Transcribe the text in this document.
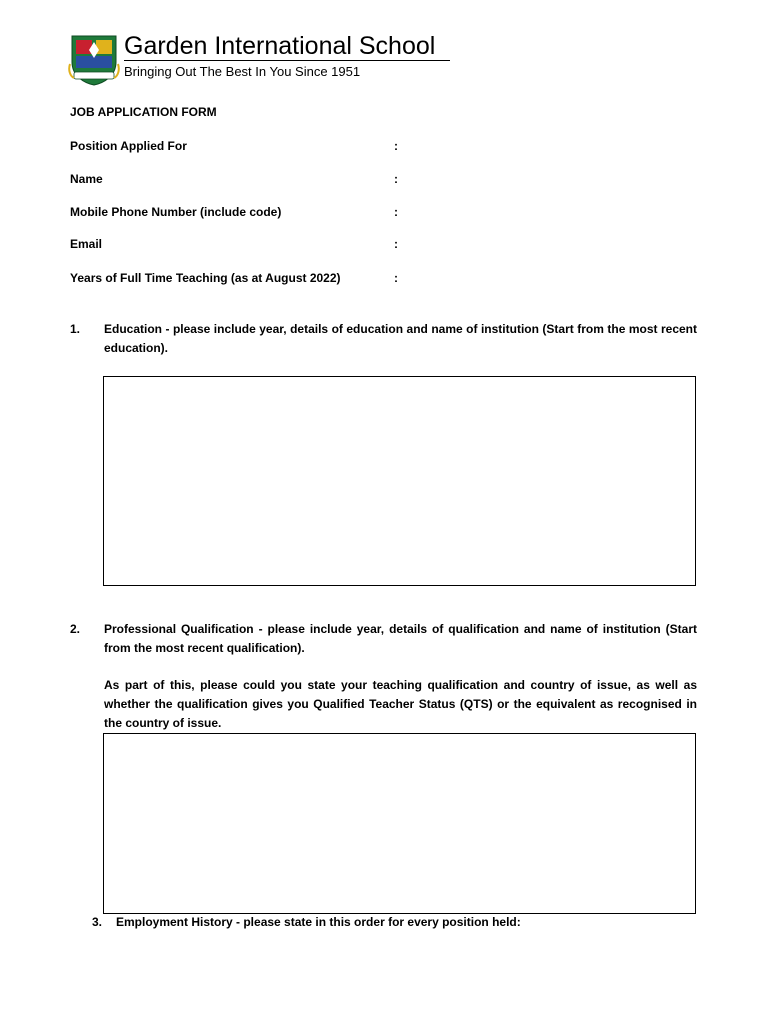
Garden International School
Bringing Out The Best In You Since 1951
JOB APPLICATION FORM
Position Applied For	:
Name	:
Mobile Phone Number (include code)	:
Email	:
Years of Full Time Teaching (as at August 2022)	:
1. Education - please include year, details of education and name of institution (Start from the most recent education).
2. Professional Qualification - please include year, details of qualification and name of institution (Start from the most recent qualification).
As part of this, please could you state your teaching qualification and country of issue, as well as whether the qualification gives you Qualified Teacher Status (QTS) or the equivalent as recognised in the country of issue.
3. Employment History - please state in this order for every position held:
